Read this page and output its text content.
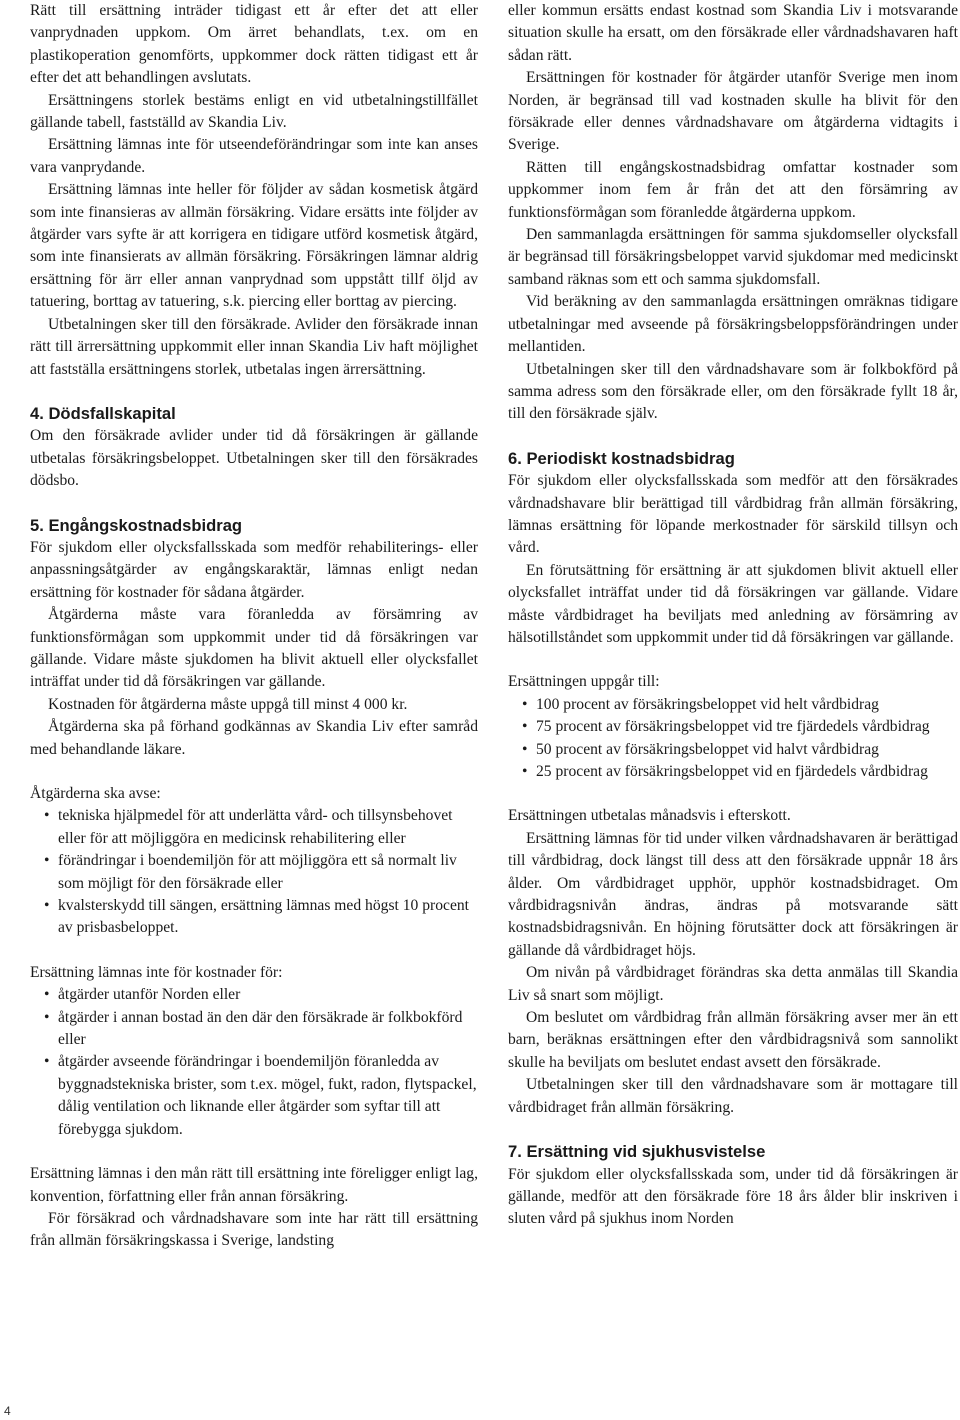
Rätt till ersättning inträder tidigast ett år efter det att eller vanprydnaden uppkom. Om ärret behandlats, t.ex. om en plastikoperation genomförts, uppkommer dock rätten tidigast ett år efter det att behandlingen avslutats.

Ersättningens storlek bestäms enligt en vid utbetalningstillfället gällande tabell, fastställd av Skandia Liv.

Ersättning lämnas inte för utseendeförändringar som inte kan anses vara vanprydande.

Ersättning lämnas inte heller för följder av sådan kosmetisk åtgärd som inte finansieras av allmän försäkring. Vidare ersätts inte följder av åtgärder vars syfte är att korrigera en tidigare utförd kosmetisk åtgärd, som inte finansierats av allmän försäkring. Försäkringen lämnar aldrig ersättning för ärr eller annan vanprydnad som uppstått tillf öljd av tatuering, borttag av tatuering, s.k. piercing eller borttag av piercing.

Utbetalningen sker till den försäkrade. Avlider den försäkrade innan rätt till ärrersättning uppkommit eller innan Skandia Liv haft möjlighet att fastställa ersättningens storlek, utbetalas ingen ärrersättning.

4. Dödsfallskapital

Om den försäkrade avlider under tid då försäkringen är gällande utbetalas försäkringsbeloppet. Utbetalningen sker till den försäkrades dödsbo.

5. Engångskostnadsbidrag

För sjukdom eller olycksfallsskada som medför rehabiliterings- eller anpassningsåtgärder av engångskaraktär, lämnas enligt nedan ersättning för kostnader för sådana åtgärder.

Åtgärderna måste vara föranledda av försämring av funktionsförmågan som uppkommit under tid då försäkringen var gällande. Vidare måste sjukdomen ha blivit aktuell eller olycksfallet inträffat under tid då försäkringen var gällande.

Kostnaden för åtgärderna måste uppgå till minst 4 000 kr.

Åtgärderna ska på förhand godkännas av Skandia Liv efter samråd med behandlande läkare.

Åtgärderna ska avse:

• tekniska hjälpmedel för att underlätta vård- och tillsynsbehovet eller för att möjliggöra en medicinsk rehabilitering eller
• förändringar i boendemiljön för att möjliggöra ett så normalt liv som möjligt för den försäkrade eller
• kvalsterskydd till sängen, ersättning lämnas med högst 10 procent av prisbasbeloppet.

Ersättning lämnas inte för kostnader för:

• åtgärder utanför Norden eller
• åtgärder i annan bostad än den där den försäkrade är folkbokförd eller
• åtgärder avseende förändringar i boendemiljön föranledda av byggnadstekniska brister, som t.ex. mögel, fukt, radon, flytspackel, dålig ventilation och liknande eller åtgärder som syftar till att förebygga sjukdom.

Ersättning lämnas i den mån rätt till ersättning inte föreligger enligt lag, konvention, författning eller från annan försäkring.

För försäkrad och vårdnadshavare som inte har rätt till ersättning från allmän försäkringskassa i Sverige, landsting

eller kommun ersätts endast kostnad som Skandia Liv i motsvarande situation skulle ha ersatt, om den försäkrade eller vårdnadshavaren haft sådan rätt.

Ersättningen för kostnader för åtgärder utanför Sverige men inom Norden, är begränsad till vad kostnaden skulle ha blivit för den försäkrade eller dennes vårdnadshavare om åtgärderna vidtagits i Sverige.

Rätten till engångskostnadsbidrag omfattar kostnader som uppkommer inom fem år från det att den försämring av funktionsförmågan som föranledde åtgärderna uppkom.

Den sammanlagda ersättningen för samma sjukdomseller olycksfall är begränsad till försäkringsbeloppet varvid sjukdomar med medicinskt samband räknas som ett och samma sjukdomsfall.

Vid beräkning av den sammanlagda ersättningen omräknas tidigare utbetalningar med avseende på försäkringsbeloppsförändringen under mellantiden.

Utbetalningen sker till den vårdnadshavare som är folkbokförd på samma adress som den försäkrade eller, om den försäkrade fyllt 18 år, till den försäkrade själv.

6. Periodiskt kostnadsbidrag

För sjukdom eller olycksfallsskada som medför att den försäkrades vårdnadshavare blir berättigad till vårdbidrag från allmän försäkring, lämnas ersättning för löpande merkostnader för särskild tillsyn och vård.

En förutsättning för ersättning är att sjukdomen blivit aktuell eller olycksfallet inträffat under tid då försäkringen var gällande. Vidare måste vårdbidraget ha beviljats med anledning av försämring av hälsotillståndet som uppkommit under tid då försäkringen var gällande.

Ersättningen uppgår till:

• 100 procent av försäkringsbeloppet vid helt vårdbidrag
• 75 procent av försäkringsbeloppet vid tre fjärdedels vårdbidrag
• 50 procent av försäkringsbeloppet vid halvt vårdbidrag
• 25 procent av försäkringsbeloppet vid en fjärdedels vårdbidrag

Ersättningen utbetalas månadsvis i efterskott.

Ersättning lämnas för tid under vilken vårdnadshavaren är berättigad till vårdbidrag, dock längst till dess att den försäkrade uppnår 18 års ålder. Om vårdbidraget upphör, upphör kostnadsbidraget. Om vårdbidragsnivån ändras, ändras på motsvarande sätt kostnadsbidragsnivån. En höjning förutsätter dock att försäkringen är gällande då vårdbidraget höjs.

Om nivån på vårdbidraget förändras ska detta anmälas till Skandia Liv så snart som möjligt.

Om beslutet om vårdbidrag från allmän försäkring avser mer än ett barn, beräknas ersättningen efter den vårdbidragsnivå som sannolikt skulle ha beviljats om beslutet endast avsett den försäkrade.

Utbetalningen sker till den vårdnadshavare som är mottagare till vårdbidraget från allmän försäkring.

7. Ersättning vid sjukhusvistelse

För sjukdom eller olycksfallsskada som, under tid då försäkringen är gällande, medför att den försäkrade före 18 års ålder blir inskriven i sluten vård på sjukhus inom Norden

4
